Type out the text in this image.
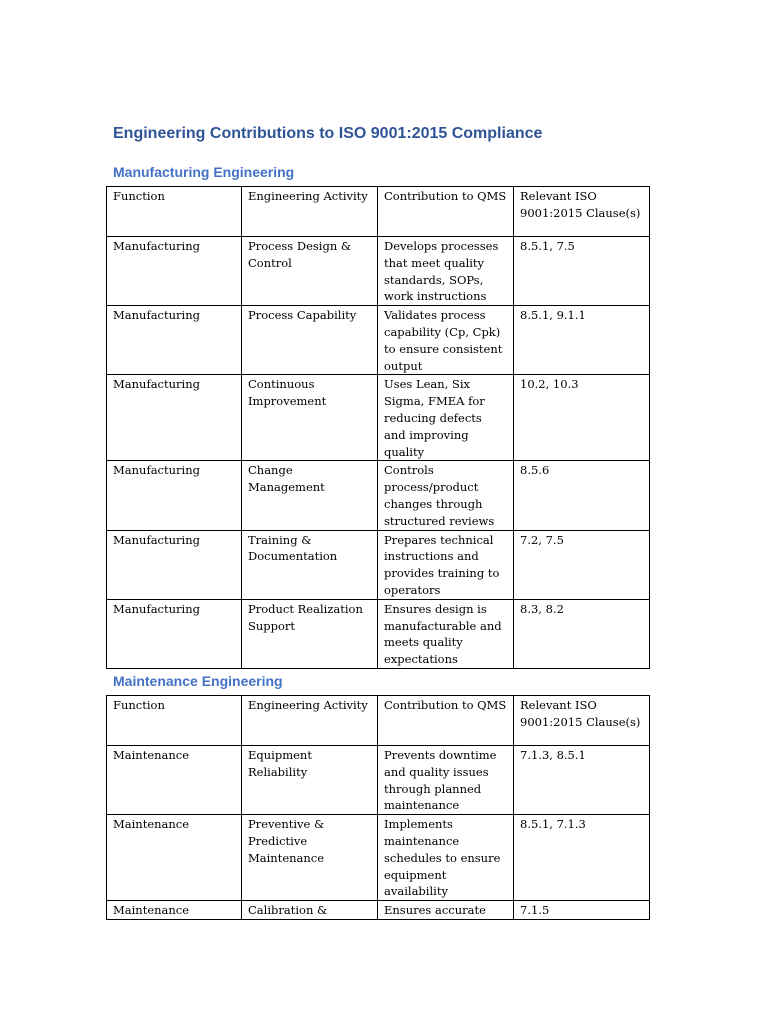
Engineering Contributions to ISO 9001:2015 Compliance
Manufacturing Engineering
Function	Engineering Activity	Contribution to QMS	Relevant ISO 9001:2015 Clause(s)
Manufacturing	Process Design & Control	Develops processes that meet quality standards, SOPs, work instructions	8.5.1, 7.5
Manufacturing	Process Capability	Validates process capability (Cp, Cpk) to ensure consistent output	8.5.1, 9.1.1
Manufacturing	Continuous Improvement	Uses Lean, Six Sigma, FMEA for reducing defects and improving quality	10.2, 10.3
Manufacturing	Change Management	Controls process/product changes through structured reviews	8.5.6
Manufacturing	Training & Documentation	Prepares technical instructions and provides training to operators	7.2, 7.5
Manufacturing	Product Realization Support	Ensures design is manufacturable and meets quality expectations	8.3, 8.2
Maintenance Engineering
Function	Engineering Activity	Contribution to QMS	Relevant ISO 9001:2015 Clause(s)
Maintenance	Equipment Reliability	Prevents downtime and quality issues through planned maintenance	7.1.3, 8.5.1
Maintenance	Preventive & Predictive Maintenance	Implements maintenance schedules to ensure equipment availability	8.5.1, 7.1.3
Maintenance	Calibration &	Ensures accurate	7.1.5
